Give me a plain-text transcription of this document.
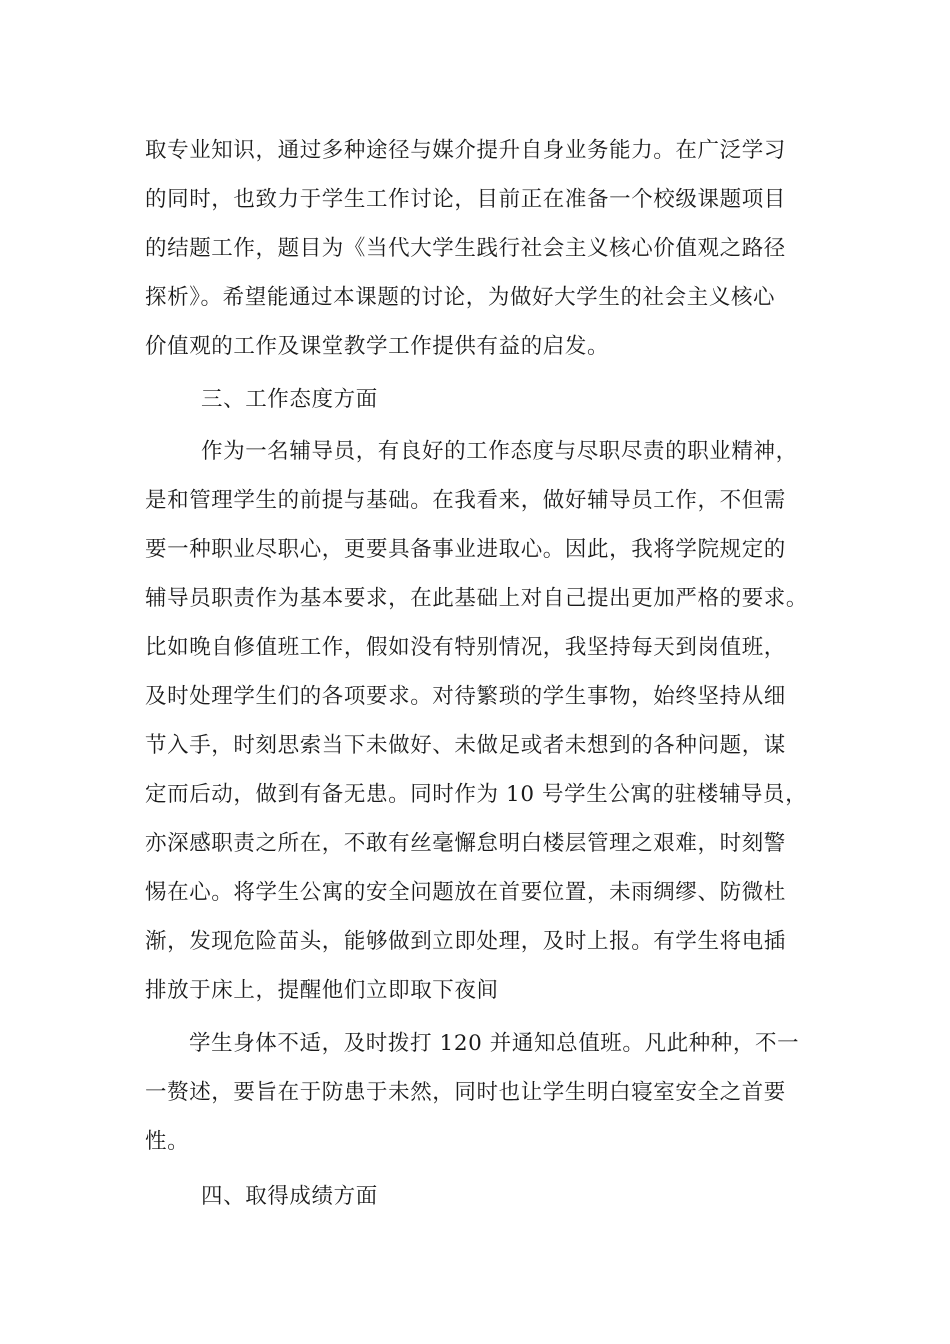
取专业知识，通过多种途径与媒介提升自身业务能力。在广泛学习
的同时，也致力于学生工作讨论，目前正在准备一个校级课题项目
的结题工作，题目为《当代大学生践行社会主义核心价值观之路径
探析》。希望能通过本课题的讨论，为做好大学生的社会主义核心
价值观的工作及课堂教学工作提供有益的启发。
三、工作态度方面
作为一名辅导员，有良好的工作态度与尽职尽责的职业精神，
是和管理学生的前提与基础。在我看来，做好辅导员工作，不但需
要一种职业尽职心，更要具备事业进取心。因此，我将学院规定的
辅导员职责作为基本要求，在此基础上对自己提出更加严格的要求。
比如晚自修值班工作，假如没有特别情况，我坚持每天到岗值班，
及时处理学生们的各项要求。对待繁琐的学生事物，始终坚持从细
节入手，时刻思索当下未做好、未做足或者未想到的各种问题，谋
定而后动，做到有备无患。同时作为 10 号学生公寓的驻楼辅导员，
亦深感职责之所在，不敢有丝毫懈怠明白楼层管理之艰难，时刻警
惕在心。将学生公寓的安全问题放在首要位置，未雨绸缪、防微杜
渐，发现危险苗头，能够做到立即处理，及时上报。有学生将电插
排放于床上，提醒他们立即取下夜间
学生身体不适，及时拨打 120 并通知总值班。凡此种种，不一
一赘述，要旨在于防患于未然，同时也让学生明白寝室安全之首要
性。
四、取得成绩方面
